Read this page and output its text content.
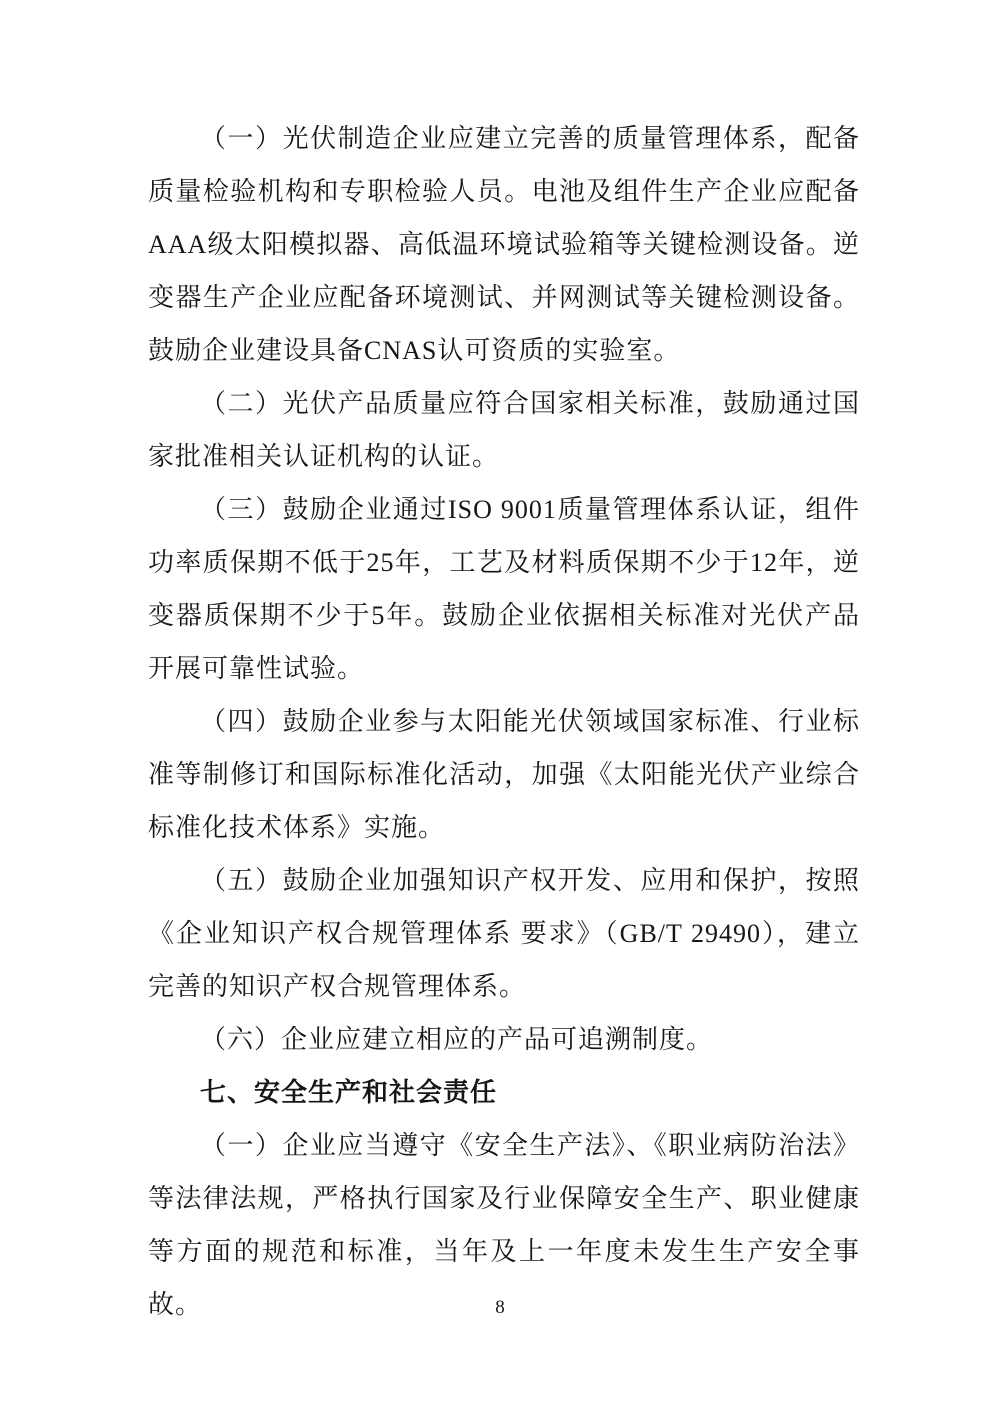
（一）光伏制造企业应建立完善的质量管理体系，配备质量检验机构和专职检验人员。电池及组件生产企业应配备AAA级太阳模拟器、高低温环境试验箱等关键检测设备。逆变器生产企业应配备环境测试、并网测试等关键检测设备。鼓励企业建设具备CNAS认可资质的实验室。

（二）光伏产品质量应符合国家相关标准，鼓励通过国家批准相关认证机构的认证。

（三）鼓励企业通过ISO 9001质量管理体系认证，组件功率质保期不低于25年，工艺及材料质保期不少于12年，逆变器质保期不少于5年。鼓励企业依据相关标准对光伏产品开展可靠性试验。

（四）鼓励企业参与太阳能光伏领域国家标准、行业标准等制修订和国际标准化活动，加强《太阳能光伏产业综合标准化技术体系》实施。

（五）鼓励企业加强知识产权开发、应用和保护，按照《企业知识产权合规管理体系 要求》（GB/T 29490），建立完善的知识产权合规管理体系。

（六）企业应建立相应的产品可追溯制度。

七、安全生产和社会责任

（一）企业应当遵守《安全生产法》、《职业病防治法》等法律法规，严格执行国家及行业保障安全生产、职业健康等方面的规范和标准，当年及上一年度未发生生产安全事故。	8
